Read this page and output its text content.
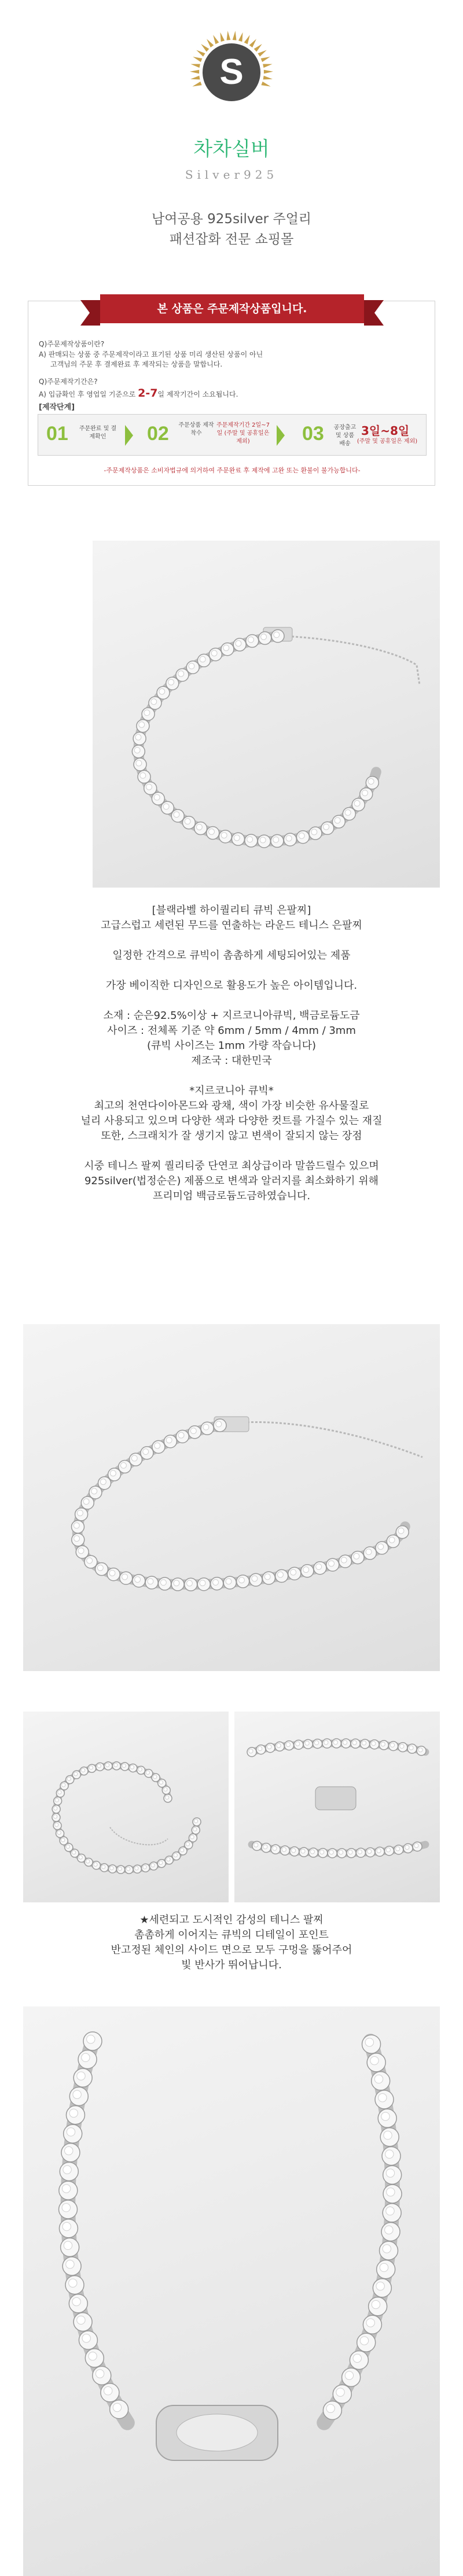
S
차차실버
Silver925
남여공용 925silver 주얼리
패션잡화 전문 쇼핑몰
본 상품은 주문제작상품입니다.
Q)주문제작상품이란?
A) 판매되는 상품 중 주문제작이라고 표기된 상품 미리 생산된 상품이 아닌
고객님의 주문 후 결제완료 후 제작되는 상품을 말합니다.
Q)주문제작기간은?
A) 입금확인 후 영업일 기준으로 2-7일 제작기간이 소요됩니다.
[제작단계]
01 주문완료 및 결제확인	02 주문상품 제작착수
주문제작기간 2일~7일 (주말 및 공휴일은 제외)	03 공장출고 및 상품배송
3일~8일
(주말 및 공휴일은 제외)
-주문제작상품은 소비자법규에 의거하여 주문완료 후 제작에 고완 또는 환불이 불가능합니다-
[블랙라벨 하이퀄리티 큐빅 은팔찌]
고급스럽고 세련된 무드를 연출하는 라운드 테니스 은팔찌
일정한 간격으로 큐빅이 촘촘하게 세팅되어있는 제품
가장 베이직한 디자인으로 활용도가 높은 아이템입니다.
소재 : 순은92.5%이상 + 지르코니아큐빅, 백금로듐도금
사이즈 : 전체폭 기준 약 6mm / 5mm / 4mm / 3mm
(큐빅 사이즈는 1mm 가량 작습니다)
제조국 : 대한민국
*지르코니아 큐빅*
최고의 천연다이아몬드와 광채, 색이 가장 비슷한 유사물질로
널리 사용되고 있으며 다양한 색과 다양한 컷트를 가질수 있는 재질
또한, 스크래치가 잘 생기지 않고 변색이 잘되지 않는 장점
시중 테니스 팔찌 퀄리티중 단연코 최상급이라 말씀드릴수 있으며
925silver(법정순은) 제품으로 변색과 알러지를 최소화하기 위해
프리미엄 백금로듐도금하였습니다.
★세련되고 도시적인 감성의 테니스 팔찌
촘촘하게 이어지는 큐빅의 디테일이 포인트
반고정된 체인의 사이드 면으로 모두 구멍을 뚫어주어
빛 반사가 뛰어납니다.
